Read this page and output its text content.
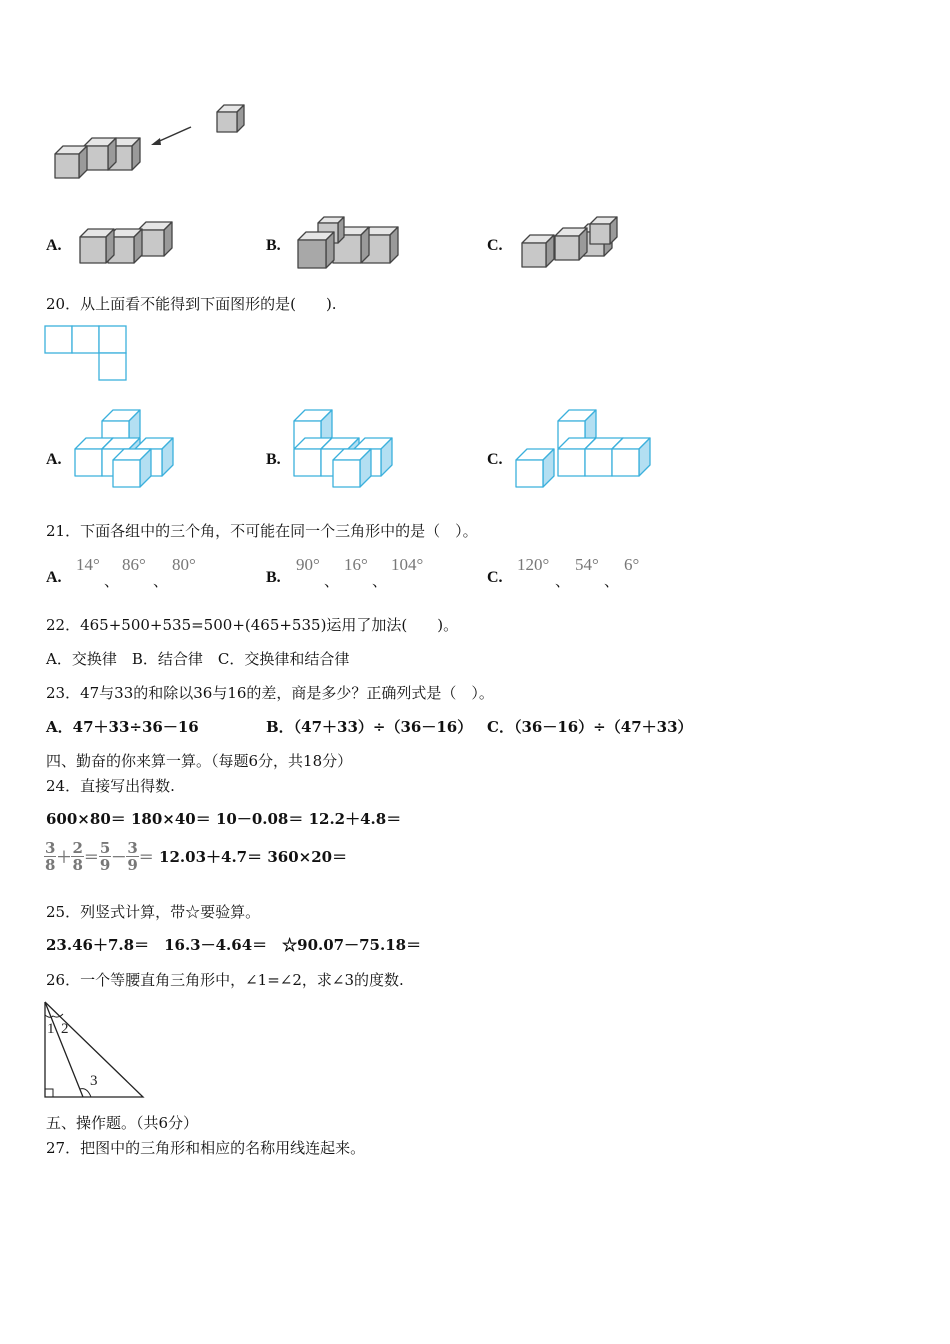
A.	B.	C.
20．从上面看不能得到下面图形的是(　　).
A.	B.	C.
21．下面各组中的三个角，不可能在同一个三角形中的是（　）。
A.
14° 86° 80°
、 、	B.
90° 16° 104°
、 、	C.
120° 54° 6°
、 、
22．465+500+535=500+(465+535)运用了加法(　　)。
A．交换律　B．结合律　C．交换律和结合律
23．47与33的和除以36与16的差，商是多少？正确列式是（　）。
A．47＋33÷36－16	B．（47＋33）÷（36－16） C．（36－16）÷（47＋33）
四、勤奋的你来算一算。（每题6分，共18分）
24．直接写出得数.
600×80＝ 180×40＝ 10－0.08＝ 12.2＋4.8＝
$\frac{3}{8} + \frac{2}{8} = \frac{5}{9} - \frac{3}{9} = 12.03+4.7= 360\times 20=$
25．列竖式计算，带☆要验算。
23.46＋7.8＝　16.3－4.64＝　☆90.07－75.18＝
26．一个等腰直角三角形中，∠1=∠2，求∠3的度数.
1 2
3
五、操作题。（共6分）
27．把图中的三角形和相应的名称用线连起来。
